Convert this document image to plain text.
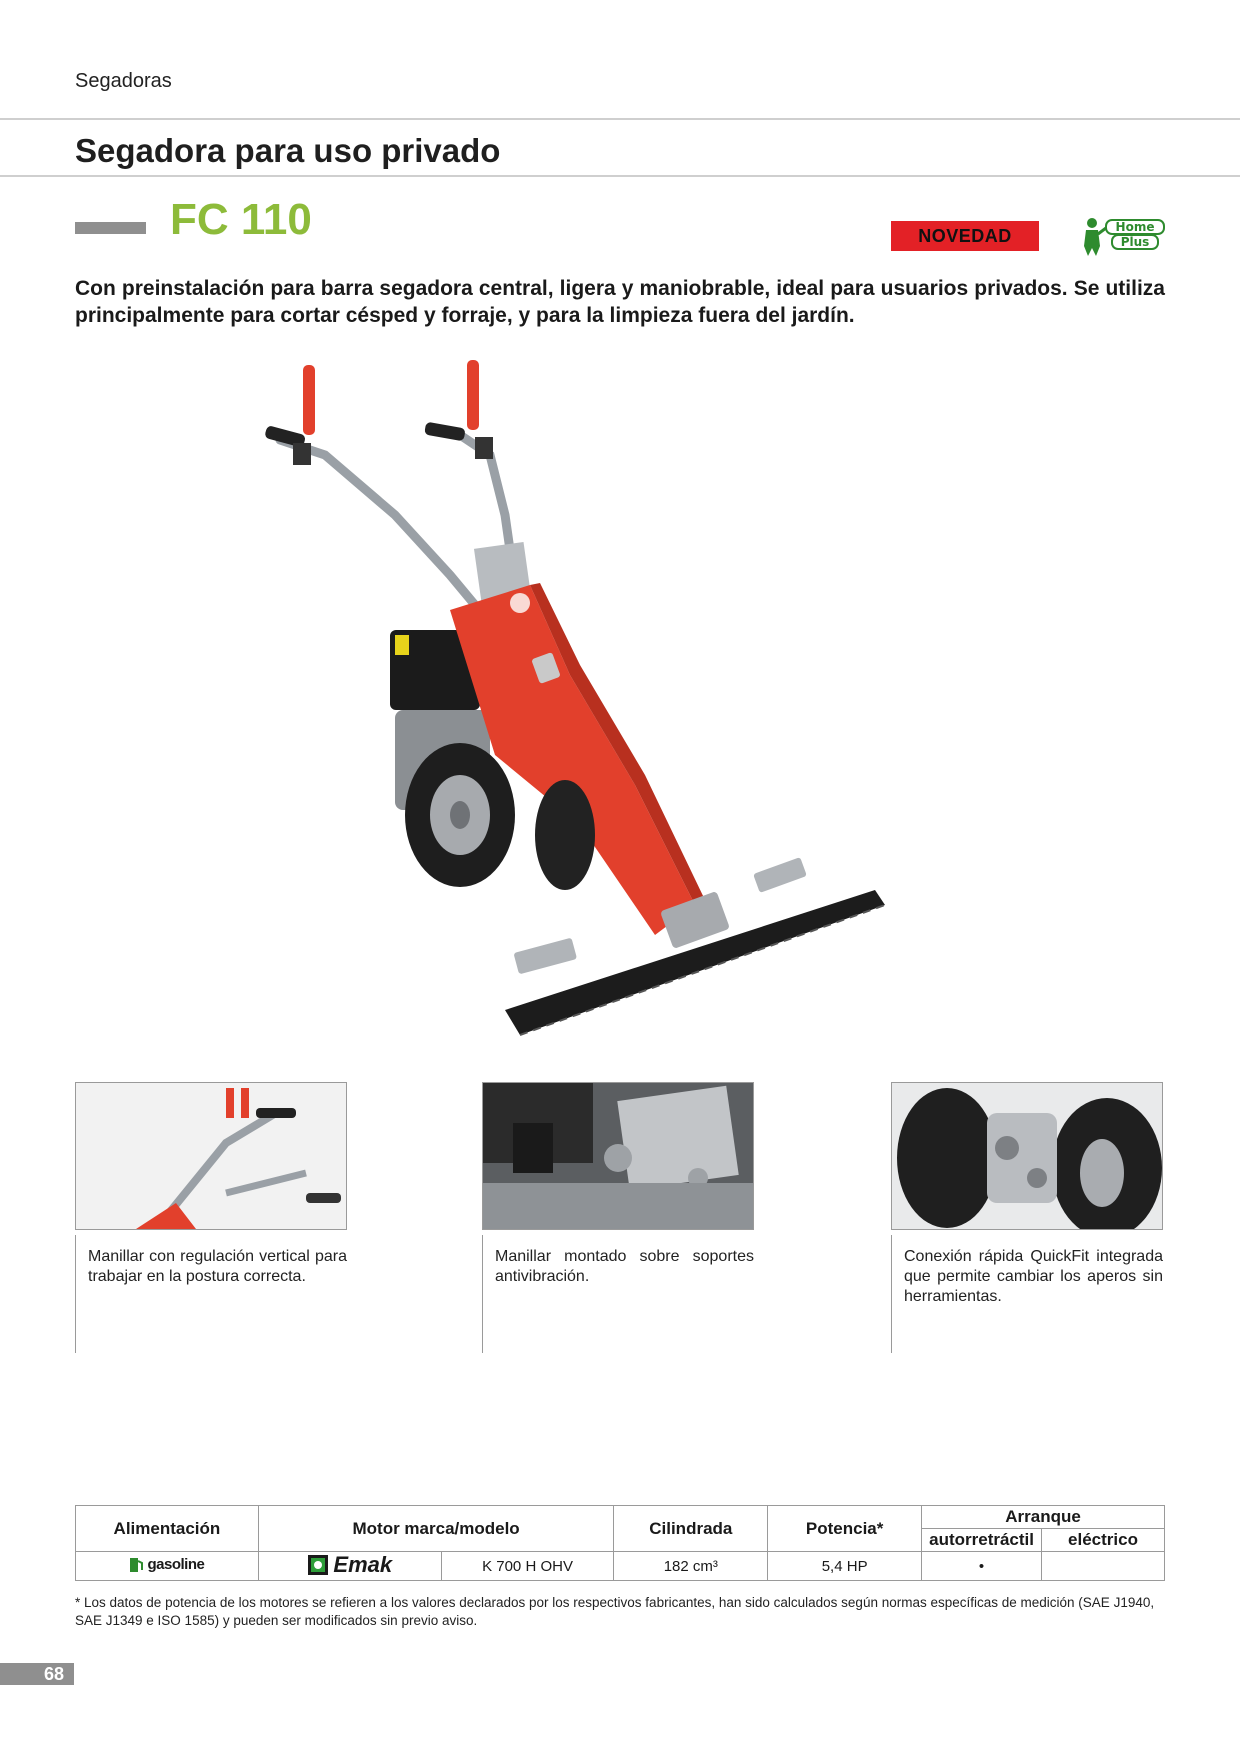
Segadoras
Segadora para uso privado
FC 110	NOVEDAD	Home
Plus
Con preinstalación para barra segadora central, ligera y maniobrable, ideal para usuarios privados. Se utiliza principalmente para cortar césped y forraje, y para la limpieza fuera del jardín.
Manillar con regulación vertical para trabajar en la postura correcta.
Manillar montado sobre soportes antivibración.
Conexión rápida QuickFit integrada que permite cambiar los aperos sin herramientas.
Alimentación	Motor marca/modelo		Cilindrada	Potencia*	Arranque	
					autorretráctil	eléctrico

gasoline	Emak	K 700 H OHV	182 cm³	5,4 HP	•	
* Los datos de potencia de los motores se refieren a los valores declarados por los respectivos fabricantes, han sido calculados según normas específicas de medición (SAE J1940, SAE J1349 e ISO 1585) y pueden ser modificados sin previo aviso.
68
